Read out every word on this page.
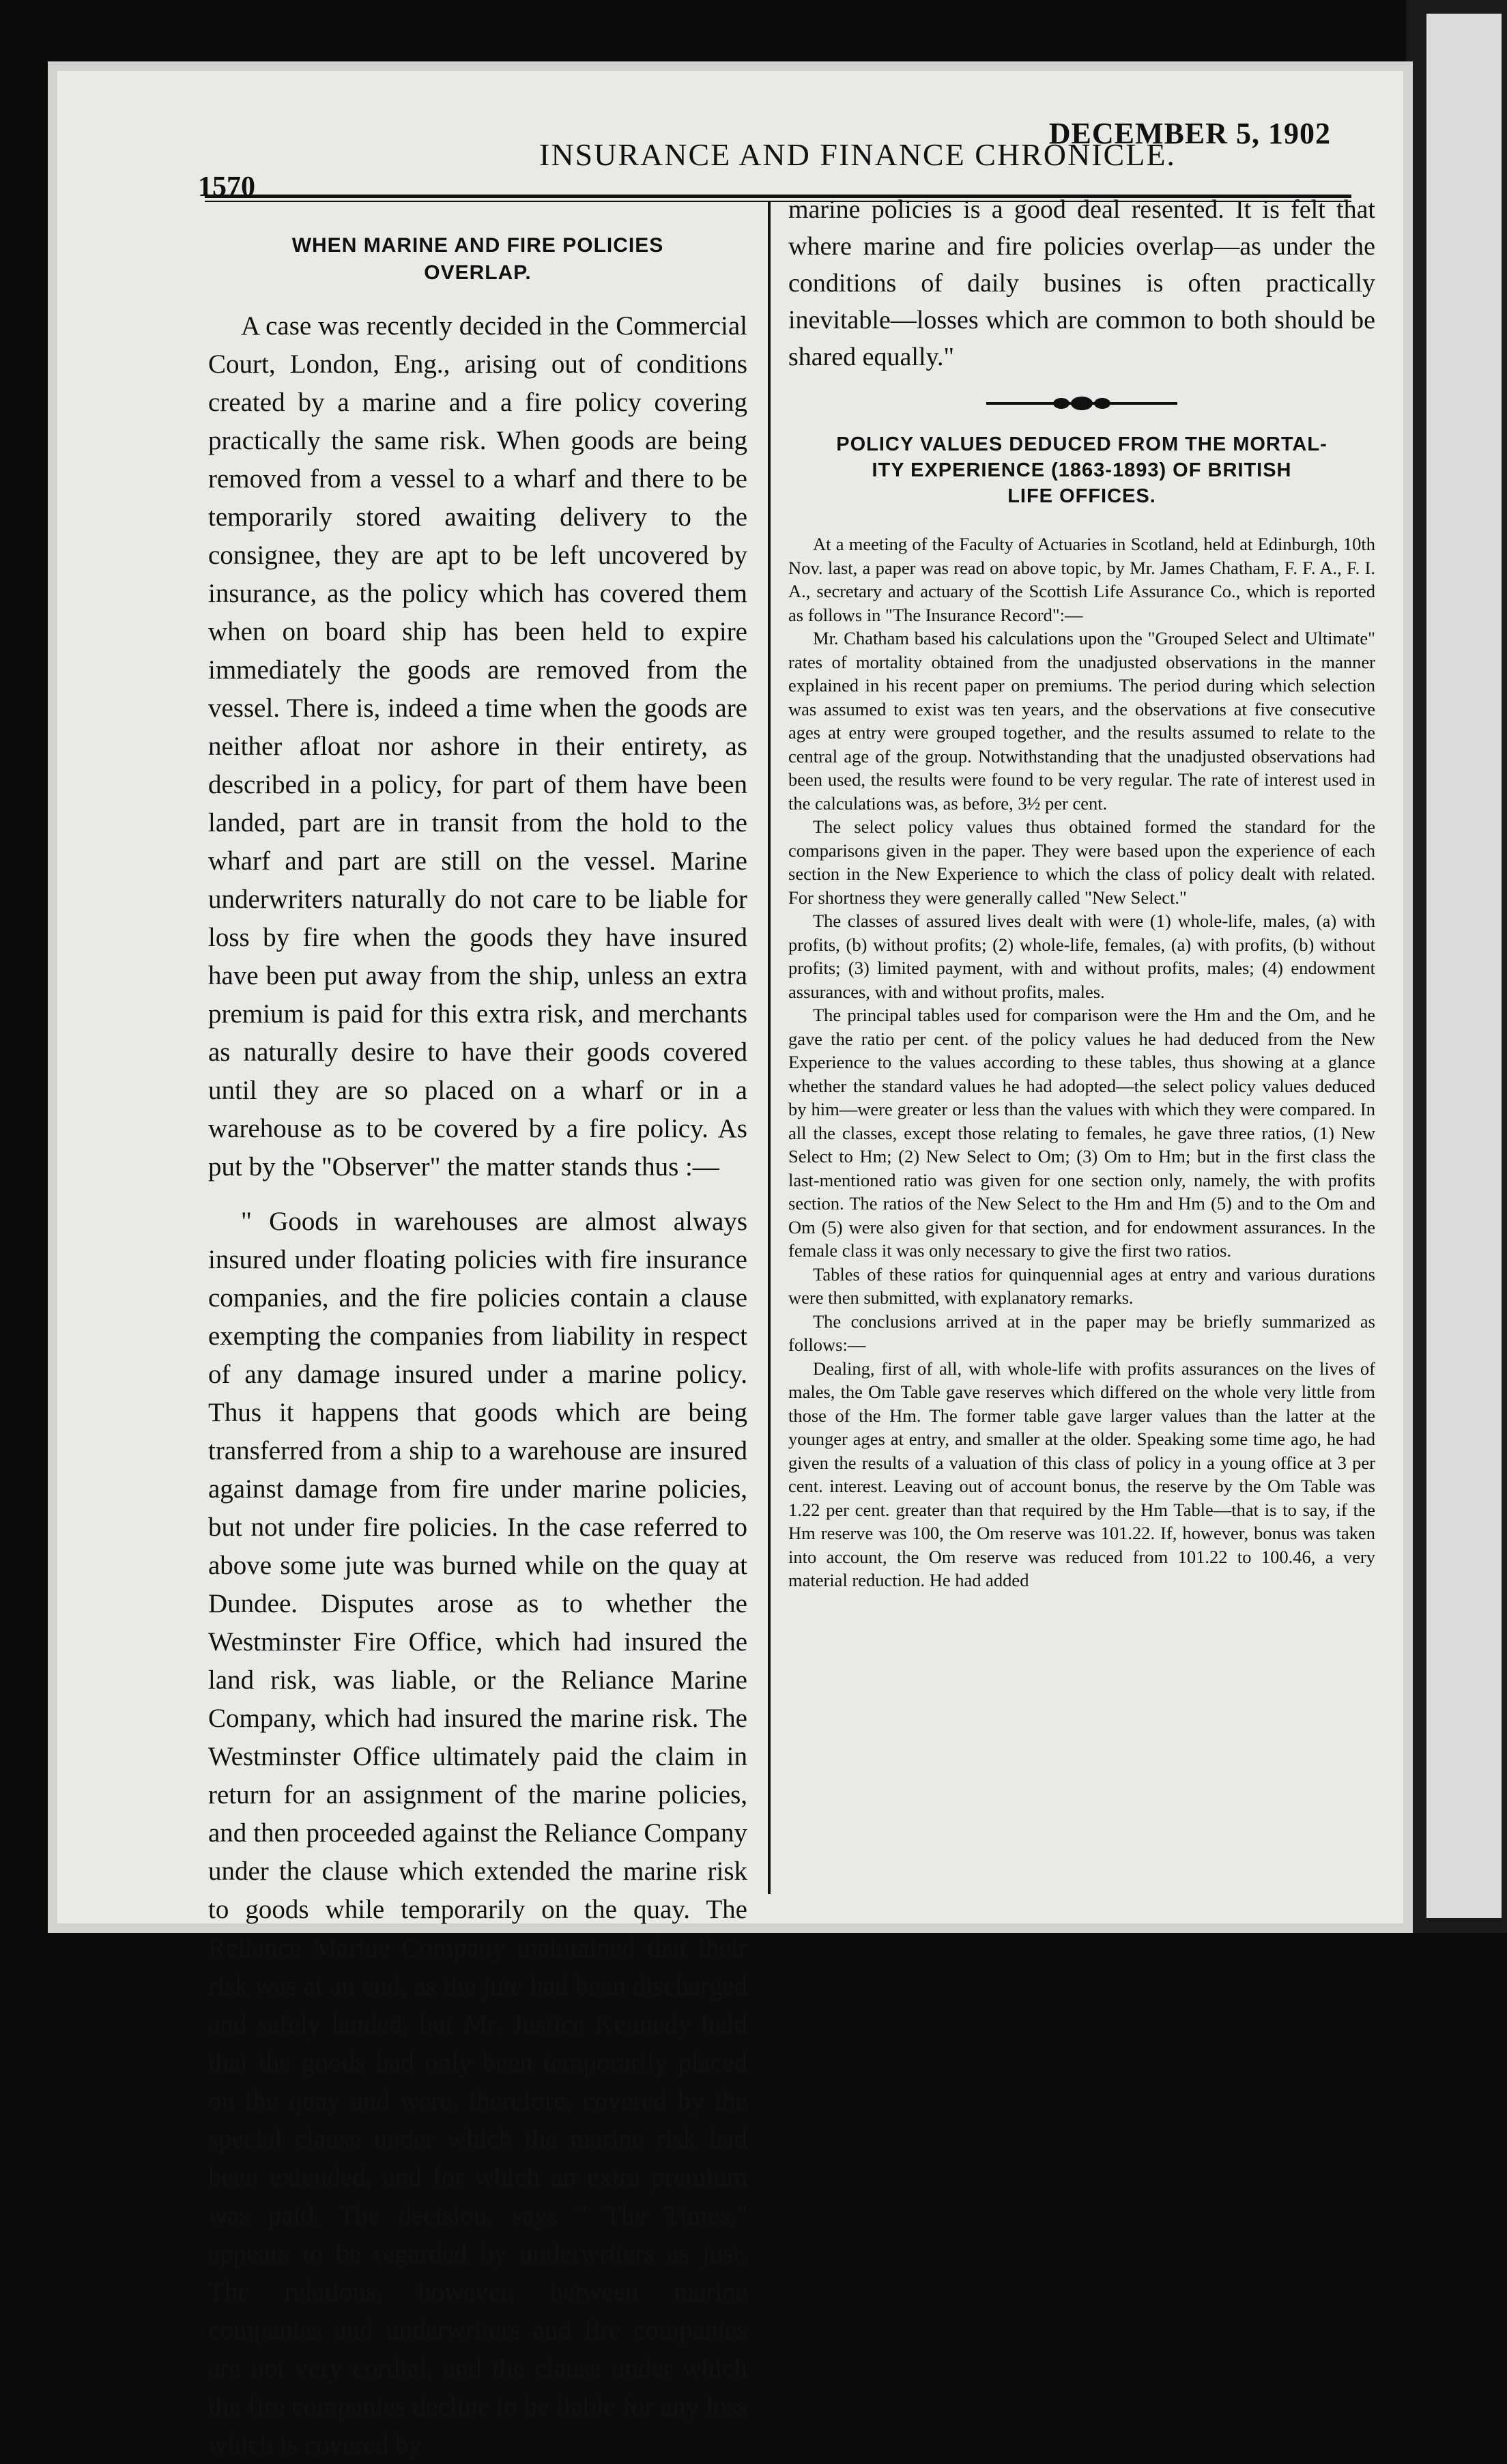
1570
INSURANCE AND FINANCE CHRONICLE.
DECEMBER 5, 1902
WHEN MARINE AND FIRE POLICIES
OVERLAP.

A case was recently decided in the Commercial Court, London, Eng., arising out of conditions created by a marine and a fire policy covering practically the same risk. When goods are being removed from a vessel to a wharf and there to be temporarily stored awaiting delivery to the consignee, they are apt to be left uncovered by insurance, as the policy which has covered them when on board ship has been held to expire immediately the goods are removed from the vessel. There is, indeed a time when the goods are neither afloat nor ashore in their entirety, as described in a policy, for part of them have been landed, part are in transit from the hold to the wharf and part are still on the vessel. Marine underwriters naturally do not care to be liable for loss by fire when the goods they have insured have been put away from the ship, unless an extra premium is paid for this extra risk, and merchants as naturally desire to have their goods covered until they are so placed on a wharf or in a warehouse as to be covered by a fire policy. As put by the "Observer" the matter stands thus :—

" Goods in warehouses are almost always insured under floating policies with fire insurance companies, and the fire policies contain a clause exempting the companies from liability in respect of any damage insured under a marine policy. Thus it happens that goods which are being transferred from a ship to a warehouse are insured against damage from fire under marine policies, but not under fire policies. In the case referred to above some jute was burned while on the quay at Dundee. Disputes arose as to whether the Westminster Fire Office, which had insured the land risk, was liable, or the Reliance Marine Company, which had insured the marine risk. The Westminster Office ultimately paid the claim in return for an assignment of the marine policies, and then proceeded against the Reliance Company under the clause which extended the marine risk to goods while temporarily on the quay. The Reliance Marine Company maintained that their risk was at an end, as the jute had been discharged and safely landed, but Mr. Justice Kennedy held that the goods had only been temporarily placed on the quay and were, therefore, covered by the special clause under which the marine risk had been extended, and for which an extra premium was paid. The decision, says " The Times," appears to be regarded by underwriters as just. The relations, however, between marine companies and underwriters and fire companies are not very cordial, and the clause under which the fire companies decline to be liable for any loss which is covered by

marine policies is a good deal resented. It is felt that where marine and fire policies overlap—as under the conditions of daily busines is often practically inevitable—losses which are common to both should be shared equally."

POLICY VALUES DEDUCED FROM THE MORTAL-
ITY EXPERIENCE (1863-1893) OF BRITISH
LIFE OFFICES.

At a meeting of the Faculty of Actuaries in Scotland, held at Edinburgh, 10th Nov. last, a paper was read on above topic, by Mr. James Chatham, F. F. A., F. I. A., secretary and actuary of the Scottish Life Assurance Co., which is reported as follows in "The Insurance Record":—

Mr. Chatham based his calculations upon the "Grouped Select and Ultimate" rates of mortality obtained from the unadjusted observations in the manner explained in his recent paper on premiums. The period during which selection was assumed to exist was ten years, and the observations at five consecutive ages at entry were grouped together, and the results assumed to relate to the central age of the group. Notwithstanding that the unadjusted observations had been used, the results were found to be very regular. The rate of interest used in the calculations was, as before, 3½ per cent.

The select policy values thus obtained formed the standard for the comparisons given in the paper. They were based upon the experience of each section in the New Experience to which the class of policy dealt with related. For shortness they were generally called "New Select."

The classes of assured lives dealt with were (1) whole-life, males, (a) with profits, (b) without profits; (2) whole-life, females, (a) with profits, (b) without profits; (3) limited payment, with and without profits, males; (4) endowment assurances, with and without profits, males.

The principal tables used for comparison were the Hm and the Om, and he gave the ratio per cent. of the policy values he had deduced from the New Experience to the values according to these tables, thus showing at a glance whether the standard values he had adopted—the select policy values deduced by him—were greater or less than the values with which they were compared. In all the classes, except those relating to females, he gave three ratios, (1) New Select to Hm; (2) New Select to Om; (3) Om to Hm; but in the first class the last-mentioned ratio was given for one section only, namely, the with profits section. The ratios of the New Select to the Hm and Hm (5) and to the Om and Om (5) were also given for that section, and for endowment assurances. In the female class it was only necessary to give the first two ratios.

Tables of these ratios for quinquennial ages at entry and various durations were then submitted, with explanatory remarks.

The conclusions arrived at in the paper may be briefly summarized as follows:—

Dealing, first of all, with whole-life with profits assurances on the lives of males, the Om Table gave reserves which differed on the whole very little from those of the Hm. The former table gave larger values than the latter at the younger ages at entry, and smaller at the older. Speaking some time ago, he had given the results of a valuation of this class of policy in a young office at 3 per cent. interest. Leaving out of account bonus, the reserve by the Om Table was 1.22 per cent. greater than that required by the Hm Table—that is to say, if the Hm reserve was 100, the Om reserve was 101.22. If, however, bonus was taken into account, the Om reserve was reduced from 101.22 to 100.46, a very material reduction. He had added
